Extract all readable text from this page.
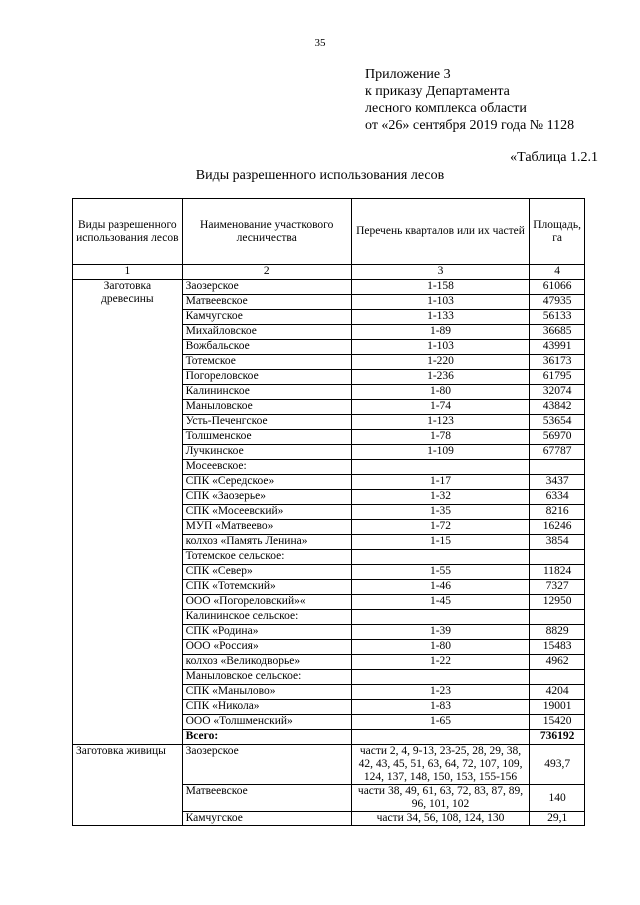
35
Приложение 3
к приказу Департамента
лесного комплекса области
от «26» сентября 2019 года № 1128
«Таблица 1.2.1
Виды разрешенного использования лесов
Виды разрешенного использования лесов	Наименование участкового лесничества	Перечень кварталов или их частей	Площадь, га
1	2	3	4
Заготовка древесины	Заозерское	1-158	61066
	Матвеевское	1-103	47935
	Камчугское	1-133	56133
	Михайловское	1-89	36685
	Вожбальское	1-103	43991
	Тотемское	1-220	36173
	Погореловское	1-236	61795
	Калининское	1-80	32074
	Маныловское	1-74	43842
	Усть-Печенгское	1-123	53654
	Толшменское	1-78	56970
	Лучкинское	1-109	67787
	Мосеевское:		
	СПК «Середское»	1-17	3437
	СПК «Заозерье»	1-32	6334
	СПК «Мосеевский»	1-35	8216
	МУП «Матвеево»	1-72	16246
	колхоз «Память Ленина»	1-15	3854
	Тотемское сельское:		
	СПК «Север»	1-55	11824
	СПК «Тотемский»	1-46	7327
	ООО «Погореловский»«	1-45	12950
	Калининское сельское:		
	СПК «Родина»	1-39	8829
	ООО «Россия»	1-80	15483
	колхоз «Великодворье»	1-22	4962
	Маныловское сельское:		
	СПК «Манылово»	1-23	4204
	СПК «Никола»	1-83	19001
	ООО «Толшменский»	1-65	15420
	Всего:		736192
Заготовка живицы	Заозерское	части 2, 4, 9-13, 23-25, 28, 29, 38, 42, 43, 45, 51, 63, 64, 72, 107, 109, 124, 137, 148, 150, 153, 155-156	493,7
	Матвеевское	части 38, 49, 61, 63, 72, 83, 87, 89, 96, 101, 102	140
	Камчугское	части 34, 56, 108, 124, 130	29,1
